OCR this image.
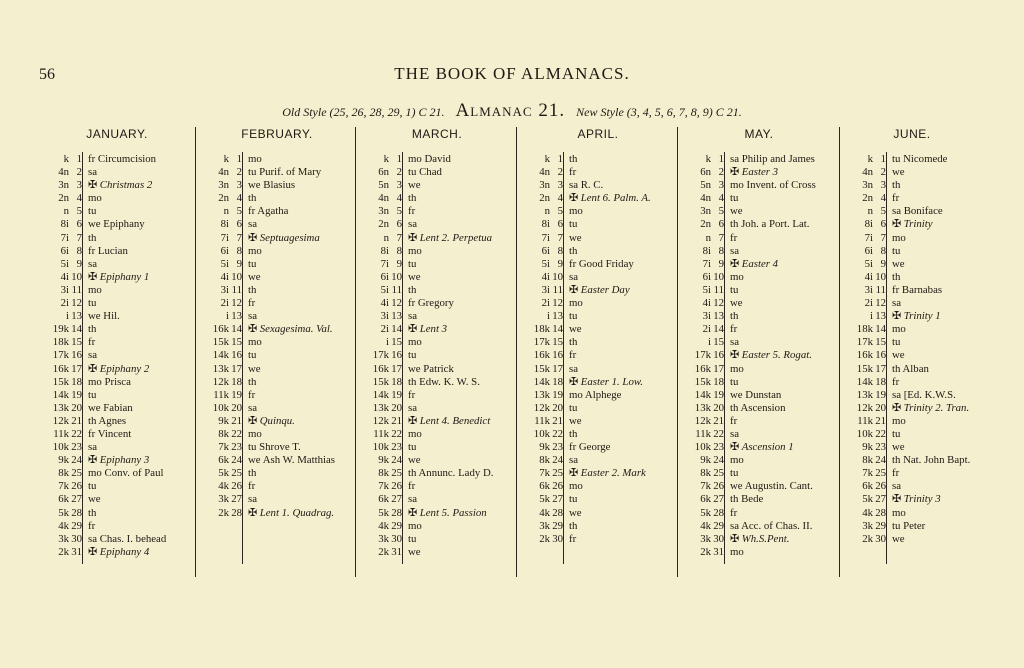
56	THE BOOK OF ALMANACS.
Old Style (25, 26, 28, 29, 1) C 21. Almanac 21. New Style (3, 4, 5, 6, 7, 8, 9) C 21.
JANUARY.
k 1 fr Circumcision
4n 2 sa
3n 3 ✠ Christmas 2
2n 4 mo
n 5 tu
8i 6 we Epiphany
7i 7 th
6i 8 fr Lucian
5i 9 sa
4i 10 ✠ Epiphany 1
3i 11 mo
2i 12 tu
i 13 we Hil.
19k 14 th
18k 15 fr
17k 16 sa
16k 17 ✠ Epiphany 2
15k 18 mo Prisca
14k 19 tu
13k 20 we Fabian
12k 21 th Agnes
11k 22 fr Vincent
10k 23 sa
9k 24 ✠ Epiphany 3
8k 25 mo Conv. of Paul
7k 26 tu
6k 27 we
5k 28 th
4k 29 fr
3k 30 sa Chas. I. behead
2k 31 ✠ Epiphany 4
FEBRUARY.
k 1 mo
4n 2 tu Purif. of Mary
3n 3 we Blasius
2n 4 th
n 5 fr Agatha
8i 6 sa
7i 7 ✠ Septuagesima
6i 8 mo
5i 9 tu
4i 10 we
3i 11 th
2i 12 fr
i 13 sa
16k 14 ✠ Sexagesima. Val.
15k 15 mo
14k 16 tu
13k 17 we
12k 18 th
11k 19 fr
10k 20 sa
9k 21 ✠ Quinqu.
8k 22 mo
7k 23 tu Shrove T.
6k 24 we Ash W. Matthias
5k 25 th
4k 26 fr
3k 27 sa
2k 28 ✠ Lent 1. Quadrag.
MARCH.
k 1 mo David
6n 2 tu Chad
5n 3 we
4n 4 th
3n 5 fr
2n 6 sa
n 7 ✠ Lent 2. Perpetua
8i 8 mo
7i 9 tu
6i 10 we
5i 11 th
4i 12 fr Gregory
3i 13 sa
2i 14 ✠ Lent 3
i 15 mo
17k 16 tu
16k 17 we Patrick
15k 18 th Edw. K. W. S.
14k 19 fr
13k 20 sa
12k 21 ✠ Lent 4. Benedict
11k 22 mo
10k 23 tu
9k 24 we
8k 25 th Annunc. Lady D.
7k 26 fr
6k 27 sa
5k 28 ✠ Lent 5. Passion
4k 29 mo
3k 30 tu
2k 31 we
APRIL.
k 1 th
4n 2 fr
3n 3 sa R. C.
2n 4 ✠ Lent 6. Palm. A.
n 5 mo
8i 6 tu
7i 7 we
6i 8 th
5i 9 fr Good Friday
4i 10 sa
3i 11 ✠ Easter Day
2i 12 mo
i 13 tu
18k 14 we
17k 15 th
16k 16 fr
15k 17 sa
14k 18 ✠ Easter 1. Low.
13k 19 mo Alphege
12k 20 tu
11k 21 we
10k 22 th
9k 23 fr George
8k 24 sa
7k 25 ✠ Easter 2. Mark
6k 26 mo
5k 27 tu
4k 28 we
3k 29 th
2k 30 fr
MAY.
k 1 sa Philip and James
6n 2 ✠ Easter 3
5n 3 mo Invent. of Cross
4n 4 tu
3n 5 we
2n 6 th Joh. a Port. Lat.
n 7 fr
8i 8 sa
7i 9 ✠ Easter 4
6i 10 mo
5i 11 tu
4i 12 we
3i 13 th
2i 14 fr
i 15 sa
17k 16 ✠ Easter 5. Rogat.
16k 17 mo
15k 18 tu
14k 19 we Dunstan
13k 20 th Ascension
12k 21 fr
11k 22 sa
10k 23 ✠ Ascension 1
9k 24 mo
8k 25 tu
7k 26 we Augustin. Cant.
6k 27 th Bede
5k 28 fr
4k 29 sa Acc. of Chas. II.
3k 30 ✠ Wh.S.Pent.
2k 31 mo
JUNE.
k 1 tu Nicomede
4n 2 we
3n 3 th
2n 4 fr
n 5 sa Boniface
8i 6 ✠ Trinity
7i 7 mo
6i 8 tu
5i 9 we
4i 10 th
3i 11 fr Barnabas
2i 12 sa
i 13 ✠ Trinity 1
18k 14 mo
17k 15 tu
16k 16 we
15k 17 th Alban
14k 18 fr
13k 19 sa [Ed. K.W.S.
12k 20 ✠ Trinity 2. Tran.
11k 21 mo
10k 22 tu
9k 23 we
8k 24 th Nat. John Bapt.
7k 25 fr
6k 26 sa
5k 27 ✠ Trinity 3
4k 28 mo
3k 29 tu Peter
2k 30 we
